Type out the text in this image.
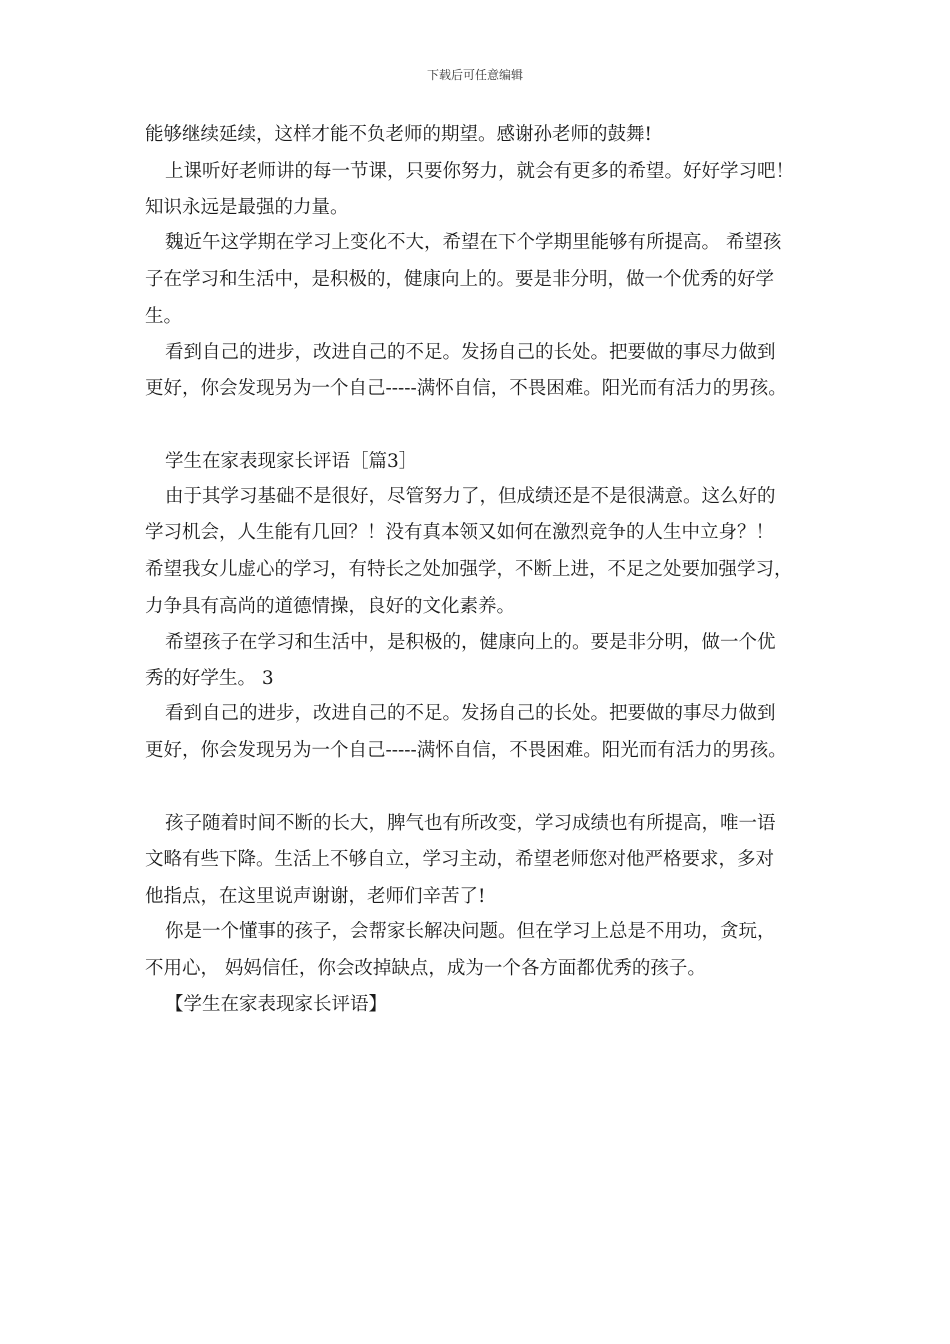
下载后可任意编辑
能够继续延续，这样才能不负老师的期望。感谢孙老师的鼓舞!
上课听好老师讲的每一节课，只要你努力，就会有更多的希望。好好学习吧！
知识永远是最强的力量。
魏近午这学期在学习上变化不大，希望在下个学期里能够有所提高。 希望孩
子在学习和生活中，是积极的，健康向上的。要是非分明，做一个优秀的好学
生。
看到自己的进步，改进自己的不足。发扬自己的长处。把要做的事尽力做到
更好，你会发现另为一个自己-----满怀自信，不畏困难。阳光而有活力的男孩。
学生在家表现家长评语［篇3］
由于其学习基础不是很好，尽管努力了，但成绩还是不是很满意。这么好的
学习机会，人生能有几回？！没有真本领又如何在激烈竞争的人生中立身？！
希望我女儿虚心的学习，有特长之处加强学，不断上进，不足之处要加强学习，
力争具有高尚的道德情操，良好的文化素养。
希望孩子在学习和生活中，是积极的，健康向上的。要是非分明，做一个优
秀的好学生。 3
看到自己的进步，改进自己的不足。发扬自己的长处。把要做的事尽力做到
更好，你会发现另为一个自己-----满怀自信，不畏困难。阳光而有活力的男孩。
孩子随着时间不断的长大，脾气也有所改变，学习成绩也有所提高，唯一语
文略有些下降。生活上不够自立，学习主动，希望老师您对他严格要求，多对
他指点，在这里说声谢谢，老师们辛苦了!
你是一个懂事的孩子，会帮家长解决问题。但在学习上总是不用功，贪玩，
不用心， 妈妈信任，你会改掉缺点，成为一个各方面都优秀的孩子。
【学生在家表现家长评语】
